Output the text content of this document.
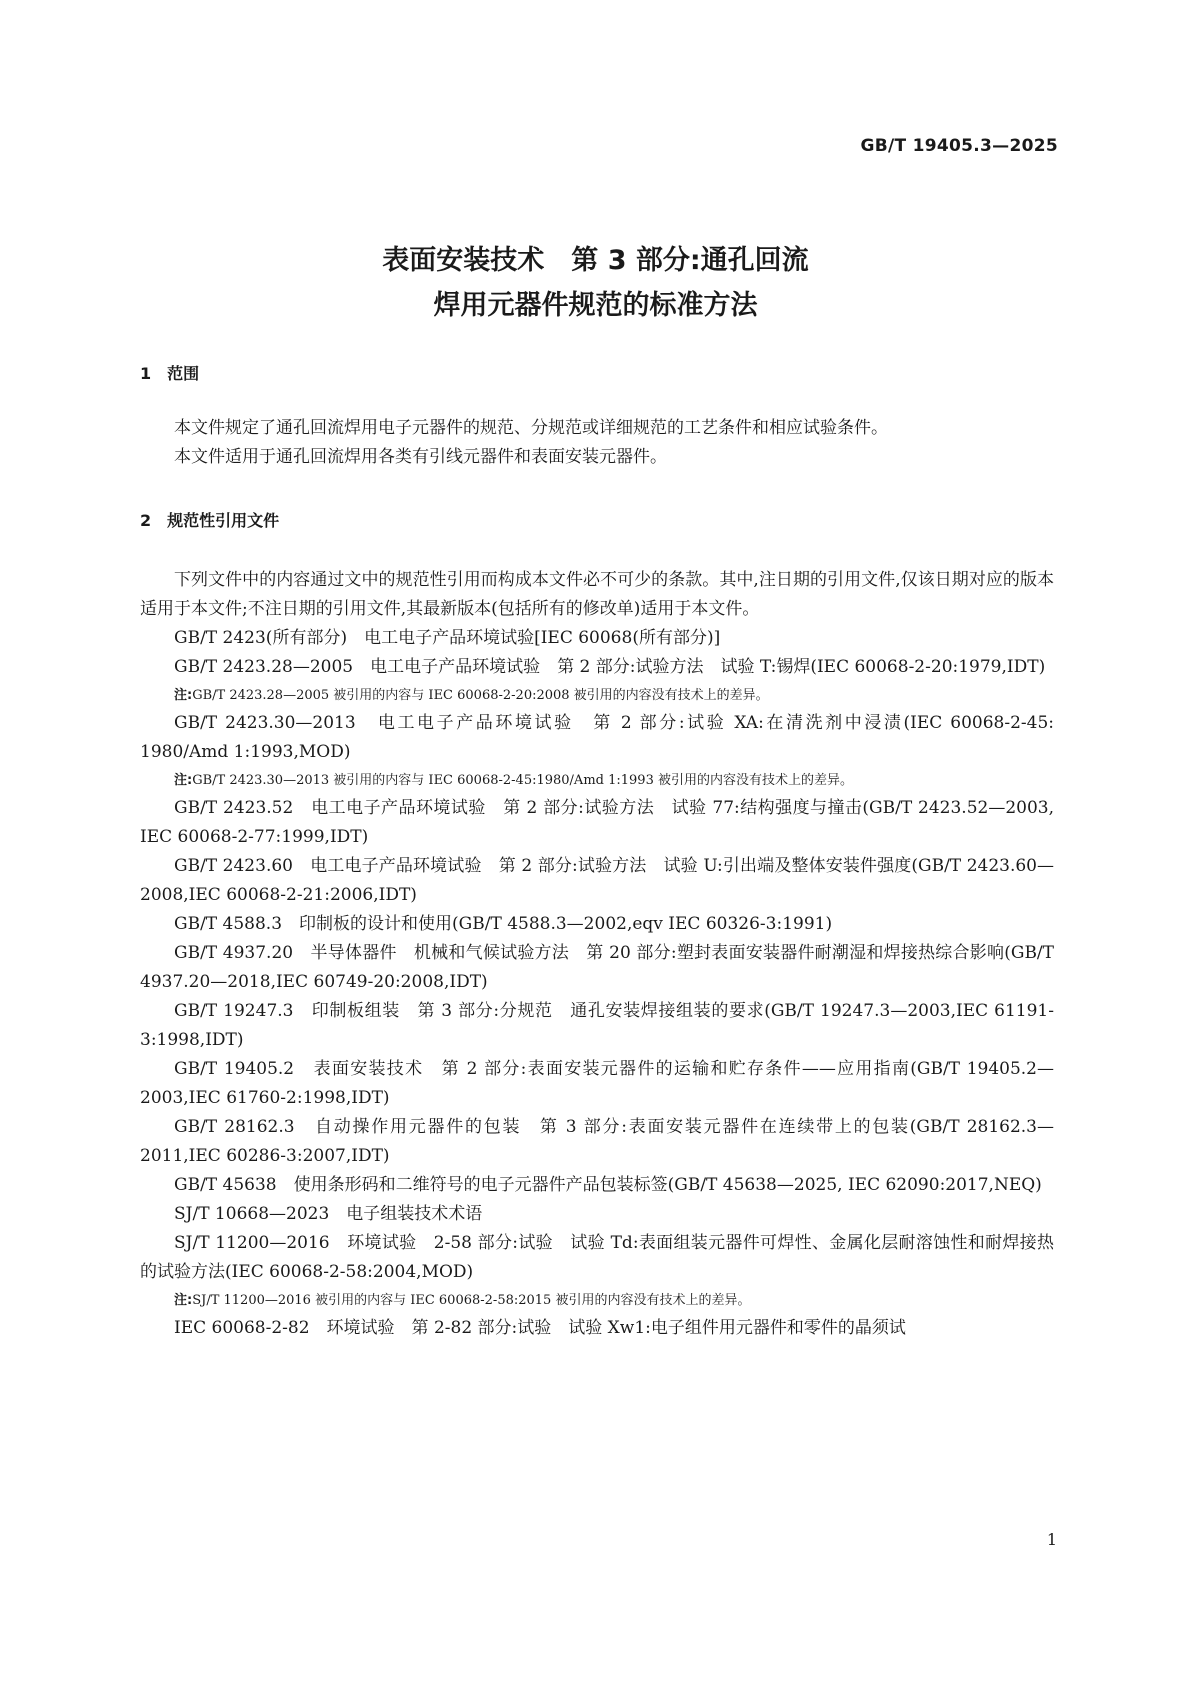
GB/T 19405.3—2025
表面安装技术　第 3 部分:通孔回流
焊用元器件规范的标准方法
1　范围

本文件规定了通孔回流焊用电子元器件的规范、分规范或详细规范的工艺条件和相应试验条件。

本文件适用于通孔回流焊用各类有引线元器件和表面安装元器件。

2　规范性引用文件

下列文件中的内容通过文中的规范性引用而构成本文件必不可少的条款。其中,注日期的引用文件,仅该日期对应的版本适用于本文件;不注日期的引用文件,其最新版本(包括所有的修改单)适用于本文件。

GB/T 2423(所有部分)　电工电子产品环境试验[IEC 60068(所有部分)]

GB/T 2423.28—2005　电工电子产品环境试验　第 2 部分:试验方法　试验 T:锡焊(IEC 60068-2-20:1979,IDT)

注:GB/T 2423.28—2005 被引用的内容与 IEC 60068-2-20:2008 被引用的内容没有技术上的差异。

GB/T 2423.30—2013　电工电子产品环境试验　第 2 部分:试验 XA:在清洗剂中浸渍(IEC 60068-2-45: 1980/Amd 1:1993,MOD)

注:GB/T 2423.30—2013 被引用的内容与 IEC 60068-2-45:1980/Amd 1:1993 被引用的内容没有技术上的差异。

GB/T 2423.52　电工电子产品环境试验　第 2 部分:试验方法　试验 77:结构强度与撞击(GB/T 2423.52—2003, IEC 60068-2-77:1999,IDT)

GB/T 2423.60　电工电子产品环境试验　第 2 部分:试验方法　试验 U:引出端及整体安装件强度(GB/T 2423.60—2008,IEC 60068-2-21:2006,IDT)

GB/T 4588.3　印制板的设计和使用(GB/T 4588.3—2002,eqv IEC 60326-3:1991)

GB/T 4937.20　半导体器件　机械和气候试验方法　第 20 部分:塑封表面安装器件耐潮湿和焊接热综合影响(GB/T 4937.20—2018,IEC 60749-20:2008,IDT)

GB/T 19247.3　印制板组装　第 3 部分:分规范　通孔安装焊接组装的要求(GB/T 19247.3—2003,IEC 61191-3:1998,IDT)

GB/T 19405.2　表面安装技术　第 2 部分:表面安装元器件的运输和贮存条件——应用指南(GB/T 19405.2—2003,IEC 61760-2:1998,IDT)

GB/T 28162.3　自动操作用元器件的包装　第 3 部分:表面安装元器件在连续带上的包装(GB/T 28162.3—2011,IEC 60286-3:2007,IDT)

GB/T 45638　使用条形码和二维符号的电子元器件产品包装标签(GB/T 45638—2025, IEC 62090:2017,NEQ)

SJ/T 10668—2023　电子组装技术术语

SJ/T 11200—2016　环境试验　2-58 部分:试验　试验 Td:表面组装元器件可焊性、金属化层耐溶蚀性和耐焊接热的试验方法(IEC 60068-2-58:2004,MOD)

注:SJ/T 11200—2016 被引用的内容与 IEC 60068-2-58:2015 被引用的内容没有技术上的差异。

IEC 60068-2-82　环境试验　第 2-82 部分:试验　试验 Xw1:电子组件用元器件和零件的晶须试

1
